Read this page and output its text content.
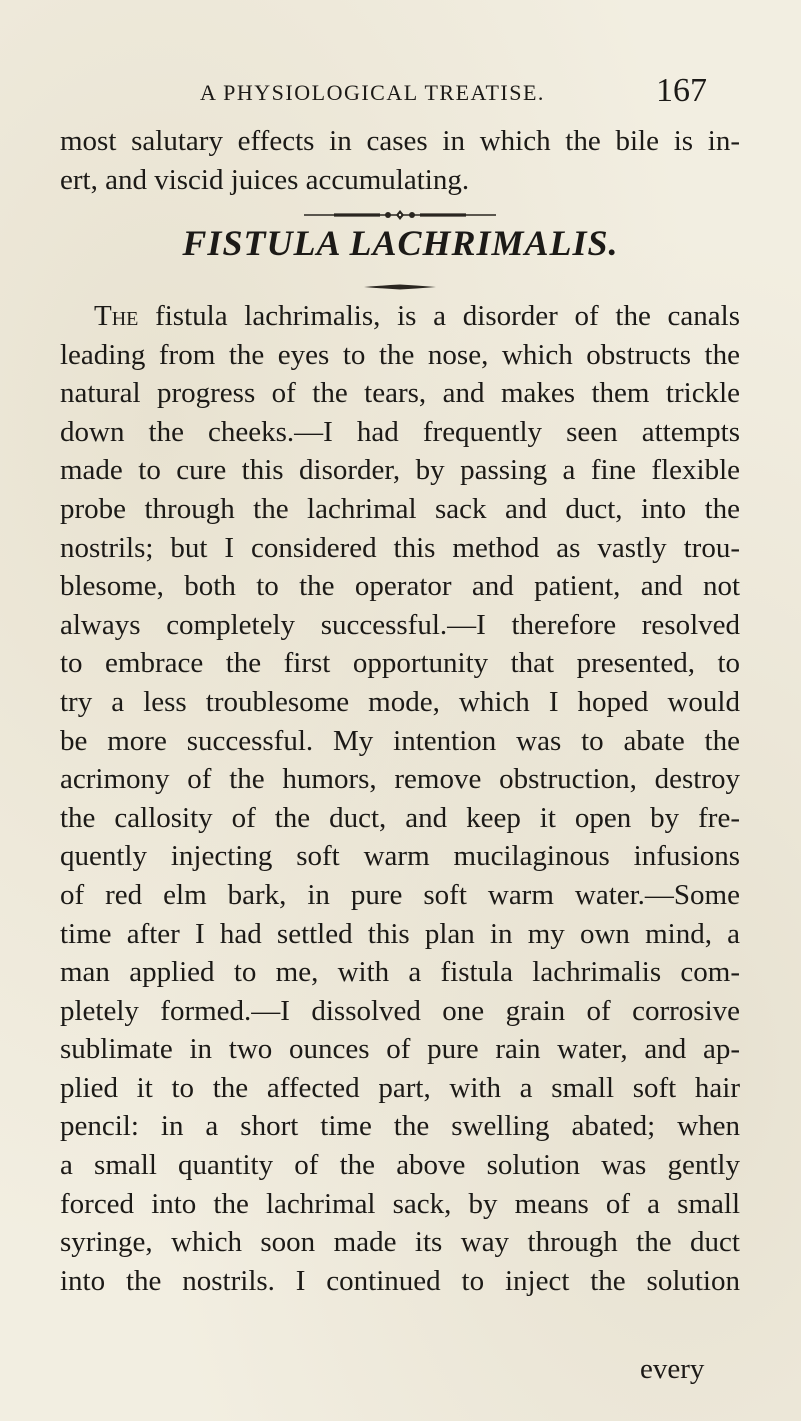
A PHYSIOLOGICAL TREATISE.	167
most salutary effects in cases in which the bile is in-
ert, and viscid juices accumulating.
FISTULA LACHRIMALIS.
The fistula lachrimalis, is a disorder of the canals
leading from the eyes to the nose, which obstructs the
natural progress of the tears, and makes them trickle
down the cheeks.—I had frequently seen attempts
made to cure this disorder, by passing a fine flexible
probe through the lachrimal sack and duct, into the
nostrils; but I considered this method as vastly trou-
blesome, both to the operator and patient, and not
always completely successful.—I therefore resolved
to embrace the first opportunity that presented, to
try a less troublesome mode, which I hoped would
be more successful. My intention was to abate the
acrimony of the humors, remove obstruction, destroy
the callosity of the duct, and keep it open by fre-
quently injecting soft warm mucilaginous infusions
of red elm bark, in pure soft warm water.—Some
time after I had settled this plan in my own mind, a
man applied to me, with a fistula lachrimalis com-
pletely formed.—I dissolved one grain of corrosive
sublimate in two ounces of pure rain water, and ap-
plied it to the affected part, with a small soft hair
pencil: in a short time the swelling abated; when
a small quantity of the above solution was gently
forced into the lachrimal sack, by means of a small
syringe, which soon made its way through the duct
into the nostrils. I continued to inject the solution
every
